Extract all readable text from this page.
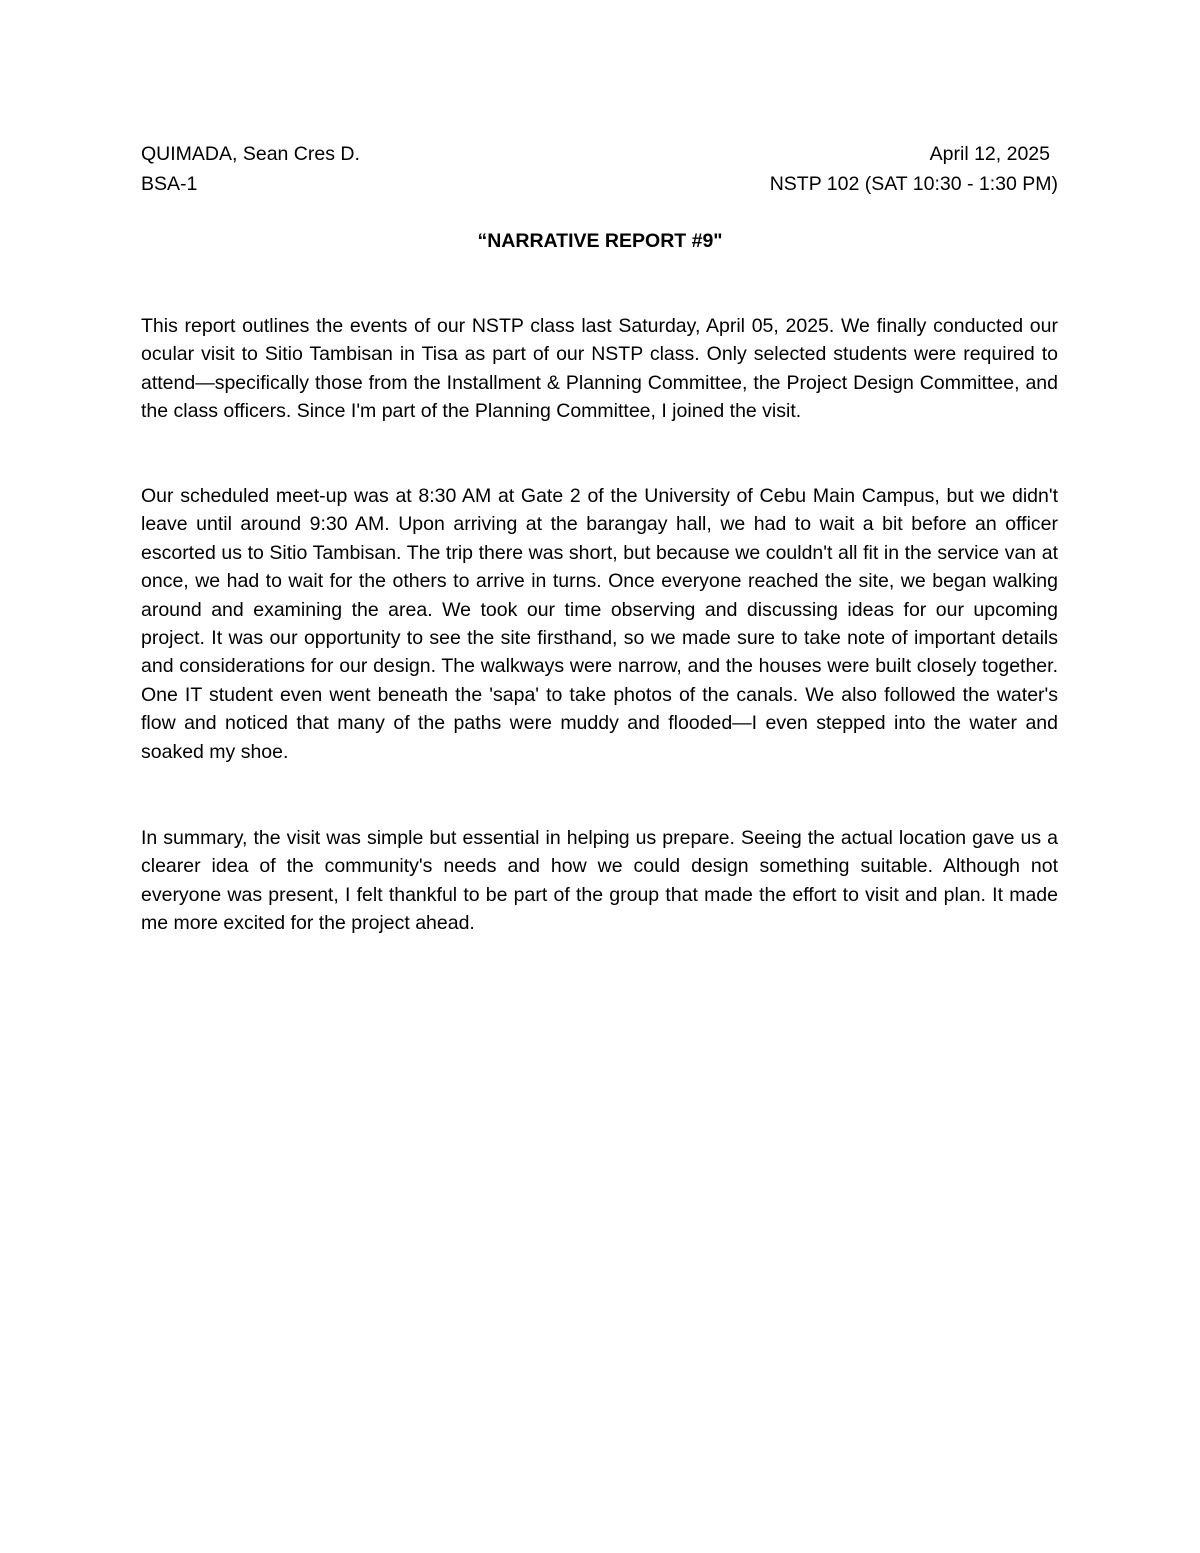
QUIMADA, Sean Cres D.	April 12, 2025
BSA-1	NSTP 102 (SAT 10:30 - 1:30 PM)
“NARRATIVE REPORT #9"

This report outlines the events of our NSTP class last Saturday, April 05, 2025. We finally conducted our ocular visit to Sitio Tambisan in Tisa as part of our NSTP class. Only selected students were required to attend—specifically those from the Installment & Planning Committee, the Project Design Committee, and the class officers. Since I'm part of the Planning Committee, I joined the visit.

Our scheduled meet-up was at 8:30 AM at Gate 2 of the University of Cebu Main Campus, but we didn't leave until around 9:30 AM. Upon arriving at the barangay hall, we had to wait a bit before an officer escorted us to Sitio Tambisan. The trip there was short, but because we couldn't all fit in the service van at once, we had to wait for the others to arrive in turns. Once everyone reached the site, we began walking around and examining the area. We took our time observing and discussing ideas for our upcoming project. It was our opportunity to see the site firsthand, so we made sure to take note of important details and considerations for our design. The walkways were narrow, and the houses were built closely together. One IT student even went beneath the 'sapa' to take photos of the canals. We also followed the water's flow and noticed that many of the paths were muddy and flooded—I even stepped into the water and soaked my shoe.

In summary, the visit was simple but essential in helping us prepare. Seeing the actual location gave us a clearer idea of the community's needs and how we could design something suitable. Although not everyone was present, I felt thankful to be part of the group that made the effort to visit and plan. It made me more excited for the project ahead.
